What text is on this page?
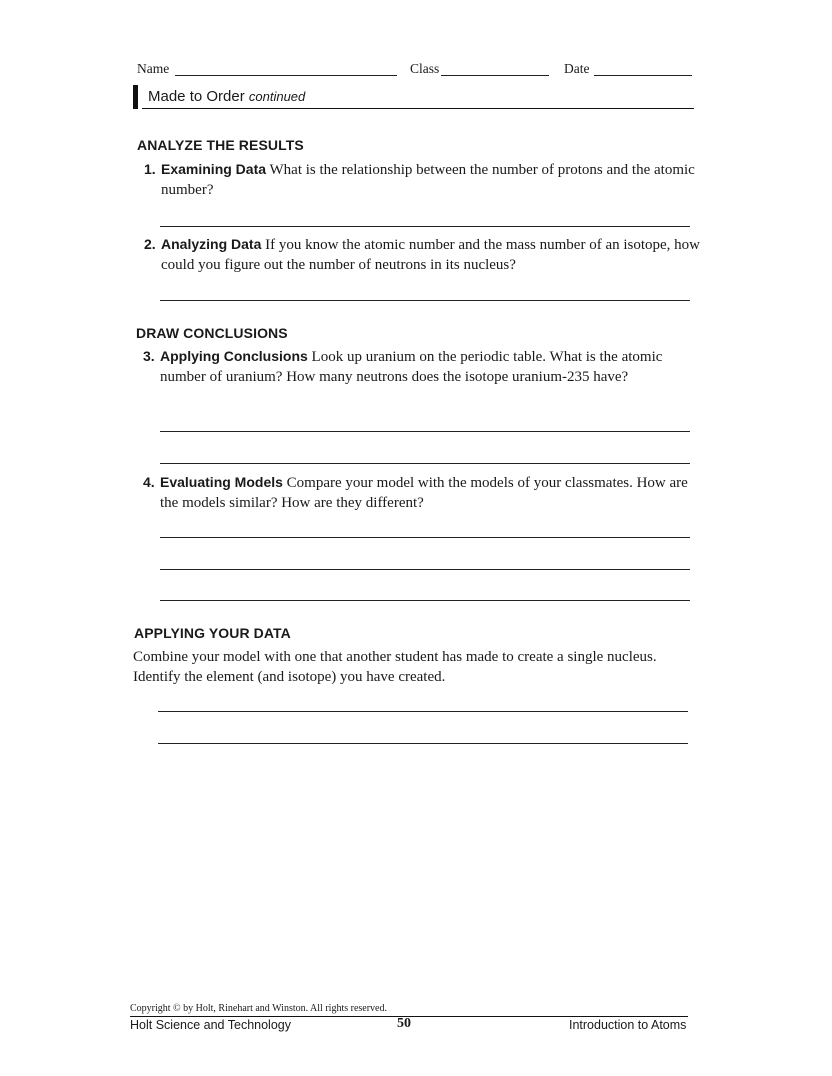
Name	Class	Date
Made to Order continued
ANALYZE THE RESULTS
1. Examining Data What is the relationship between the number of protons and the atomic number?
2. Analyzing Data If you know the atomic number and the mass number of an isotope, how could you figure out the number of neutrons in its nucleus?
DRAW CONCLUSIONS
3. Applying Conclusions Look up uranium on the periodic table. What is the atomic number of uranium? How many neutrons does the isotope uranium-235 have?
4. Evaluating Models Compare your model with the models of your classmates. How are the models similar? How are they different?
APPLYING YOUR DATA
Combine your model with one that another student has made to create a single nucleus. Identify the element (and isotope) you have created.
Copyright © by Holt, Rinehart and Winston. All rights reserved.
Holt Science and Technology	50	Introduction to Atoms
